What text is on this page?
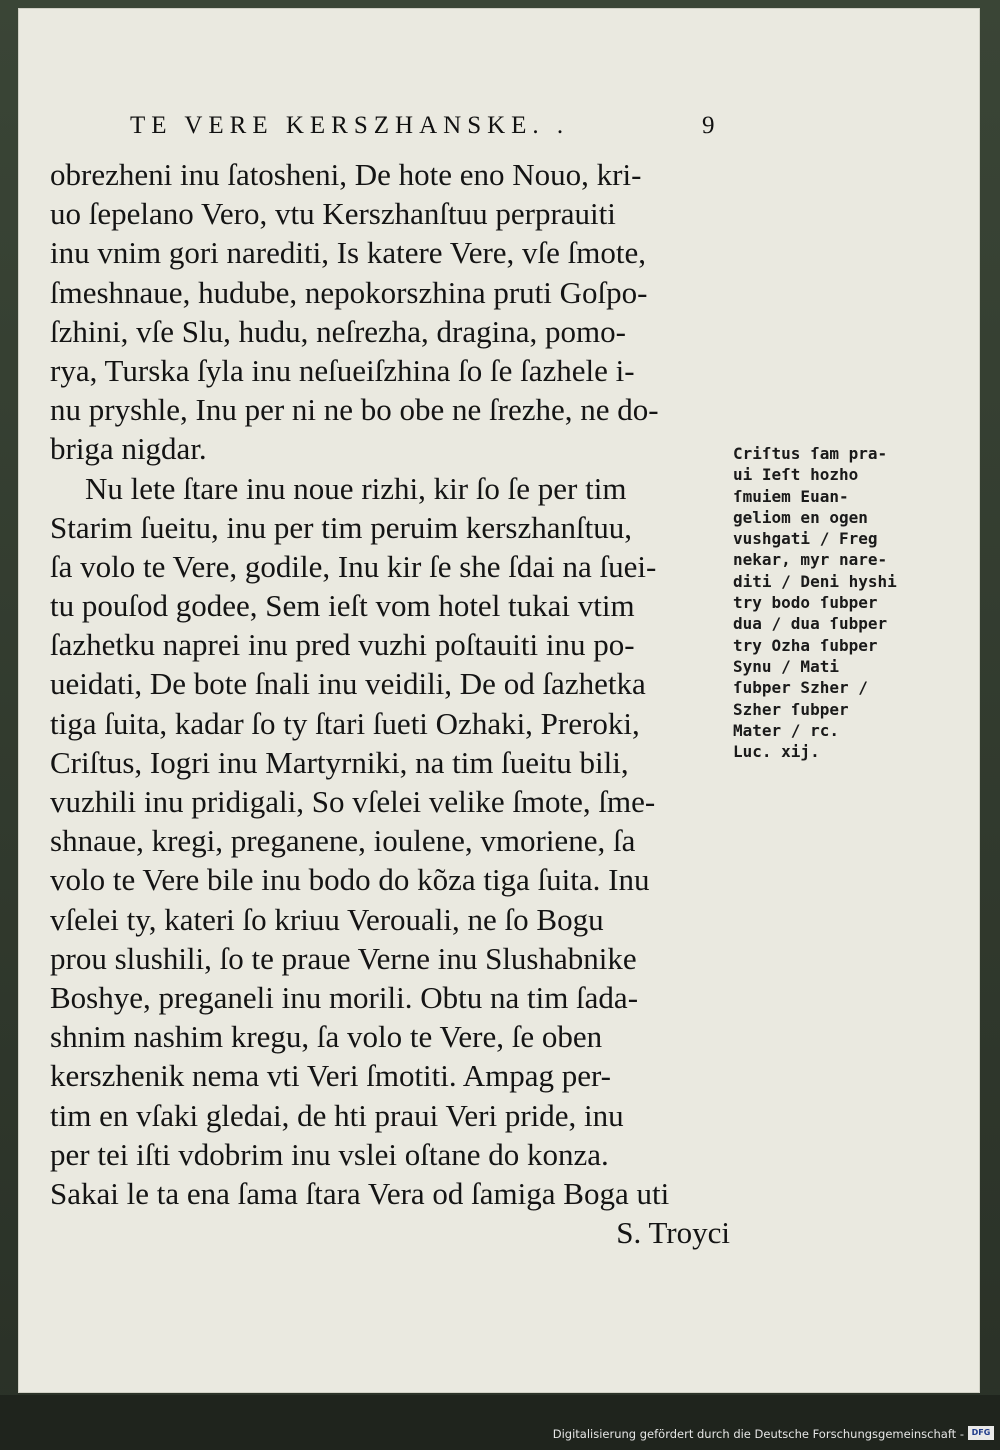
TE VERE KERSZHANSKE. .	9
obrezheni inu ſatosheni, De hote eno Nouo, kri-
uo ſepelano Vero, vtu Kerszhanſtuu perprauiti
inu vnim gori narediti, Is katere Vere, vſe ſmote,
ſmeshnaue, hudube, nepokorszhina pruti Goſpo-
ſzhini, vſe Slu, hudu, neſrezha, dragina, pomo-
rya, Turska ſyla inu neſueiſzhina ſo ſe ſazhele i-
nu pryshle, Inu per ni ne bo obe ne ſrezhe, ne do-
briga nigdar.
Nu lete ſtare inu noue rizhi, kir ſo ſe per tim
Starim ſueitu, inu per tim peruim kerszhanſtuu,
ſa volo te Vere, godile, Inu kir ſe she ſdai na ſuei-
tu pouſod godee, Sem ieſt vom hotel tukai vtim
ſazhetku naprei inu pred vuzhi poſtauiti inu po-
ueidati, De bote ſnali inu veidili, De od ſazhetka
tiga ſuita, kadar ſo ty ſtari ſueti Ozhaki, Preroki,
Criſtus, Iogri inu Martyrniki, na tim ſueitu bili,
vuzhili inu pridigali, So vſelei velike ſmote, ſme-
shnaue, kregi, preganene, ioulene, vmoriene, ſa
volo te Vere bile inu bodo do kõza tiga ſuita. Inu
vſelei ty, kateri ſo kriuu Verouali, ne ſo Bogu
prou slushili, ſo te praue Verne inu Slushabnike
Boshye, preganeli inu morili. Obtu na tim ſada-
shnim nashim kregu, ſa volo te Vere, ſe oben
kerszhenik nema vti Veri ſmotiti. Ampag per-
tim en vſaki gledai, de hti praui Veri pride, inu
per tei iſti vdobrim inu vslei oſtane do konza.
Sakai le ta ena ſama ſtara Vera od ſamiga Boga uti
S. Troyci
Criſtus ſam pra-
ui Ieſt hozho
ſmuiem Euan-
geliom en ogen
vushgati / Freg
nekar, myr nare-
diti / Deni hyshi
try bodo ſubper
dua / dua ſubper
try Ozha ſubper
Synu / Mati
ſubper Szher /
Szher ſubper
Mater / rc.
Luc. xij.
Digitalisierung gefördert durch die Deutsche Forschungsgemeinschaft - DFG
